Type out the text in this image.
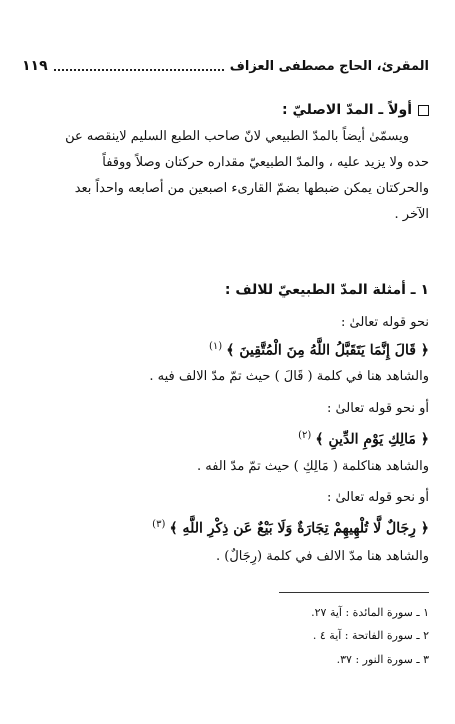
المقرئ، الحاج مصطفى العزاف
١١٩
أولاً ـ المدّ الاصليّ :
ويسمّىٰ أيضاً بالمدّ الطبيعي لانّ صاحب الطبع السليم لاينقصه عن
حده ولا يزيد عليه ، والمدّ الطبيعيّ مقداره حركتان وصلاً ووقفاً
والحركتان يمكن ضبطها بضمّ القارىء اصبعين من أصابعه واحداً بعد
الآخر .
١ ـ أمثلة المدّ الطبيعيّ للالف :
نحو قوله تعالىٰ :
﴿ قَالَ إِنَّمَا يَتَقَبَّلُ اللَّهُ مِنَ الْمُتَّقِينَ ﴾ $^{(١)}$
والشاهد هنا في كلمة ( قَالَ ) حيث تمّ مدّ الالف فيه .
أو نحو قوله تعالىٰ :
﴿ مَالِكِ يَوْمِ الدِّينِ ﴾ $^{(٢)}$
والشاهد هناكلمة ( مَالِكِ ) حيث تمّ مدّ الفه .
أو نحو قوله تعالىٰ :
﴿ رِجَالٌ لَّا تُلْهِيهِمْ تِجَارَةٌ وَلَا بَيْعٌ عَن ذِكْرِ اللَّهِ ﴾ $^{(٣)}$
والشاهد هنا مدّ الالف في كلمة (رِجَالٌ) .
١ ـ سورة المائدة : آية ٢٧.
٢ ـ سورة الفاتحة : آية ٤ .
٣ ـ سورة النور : ٣٧.
